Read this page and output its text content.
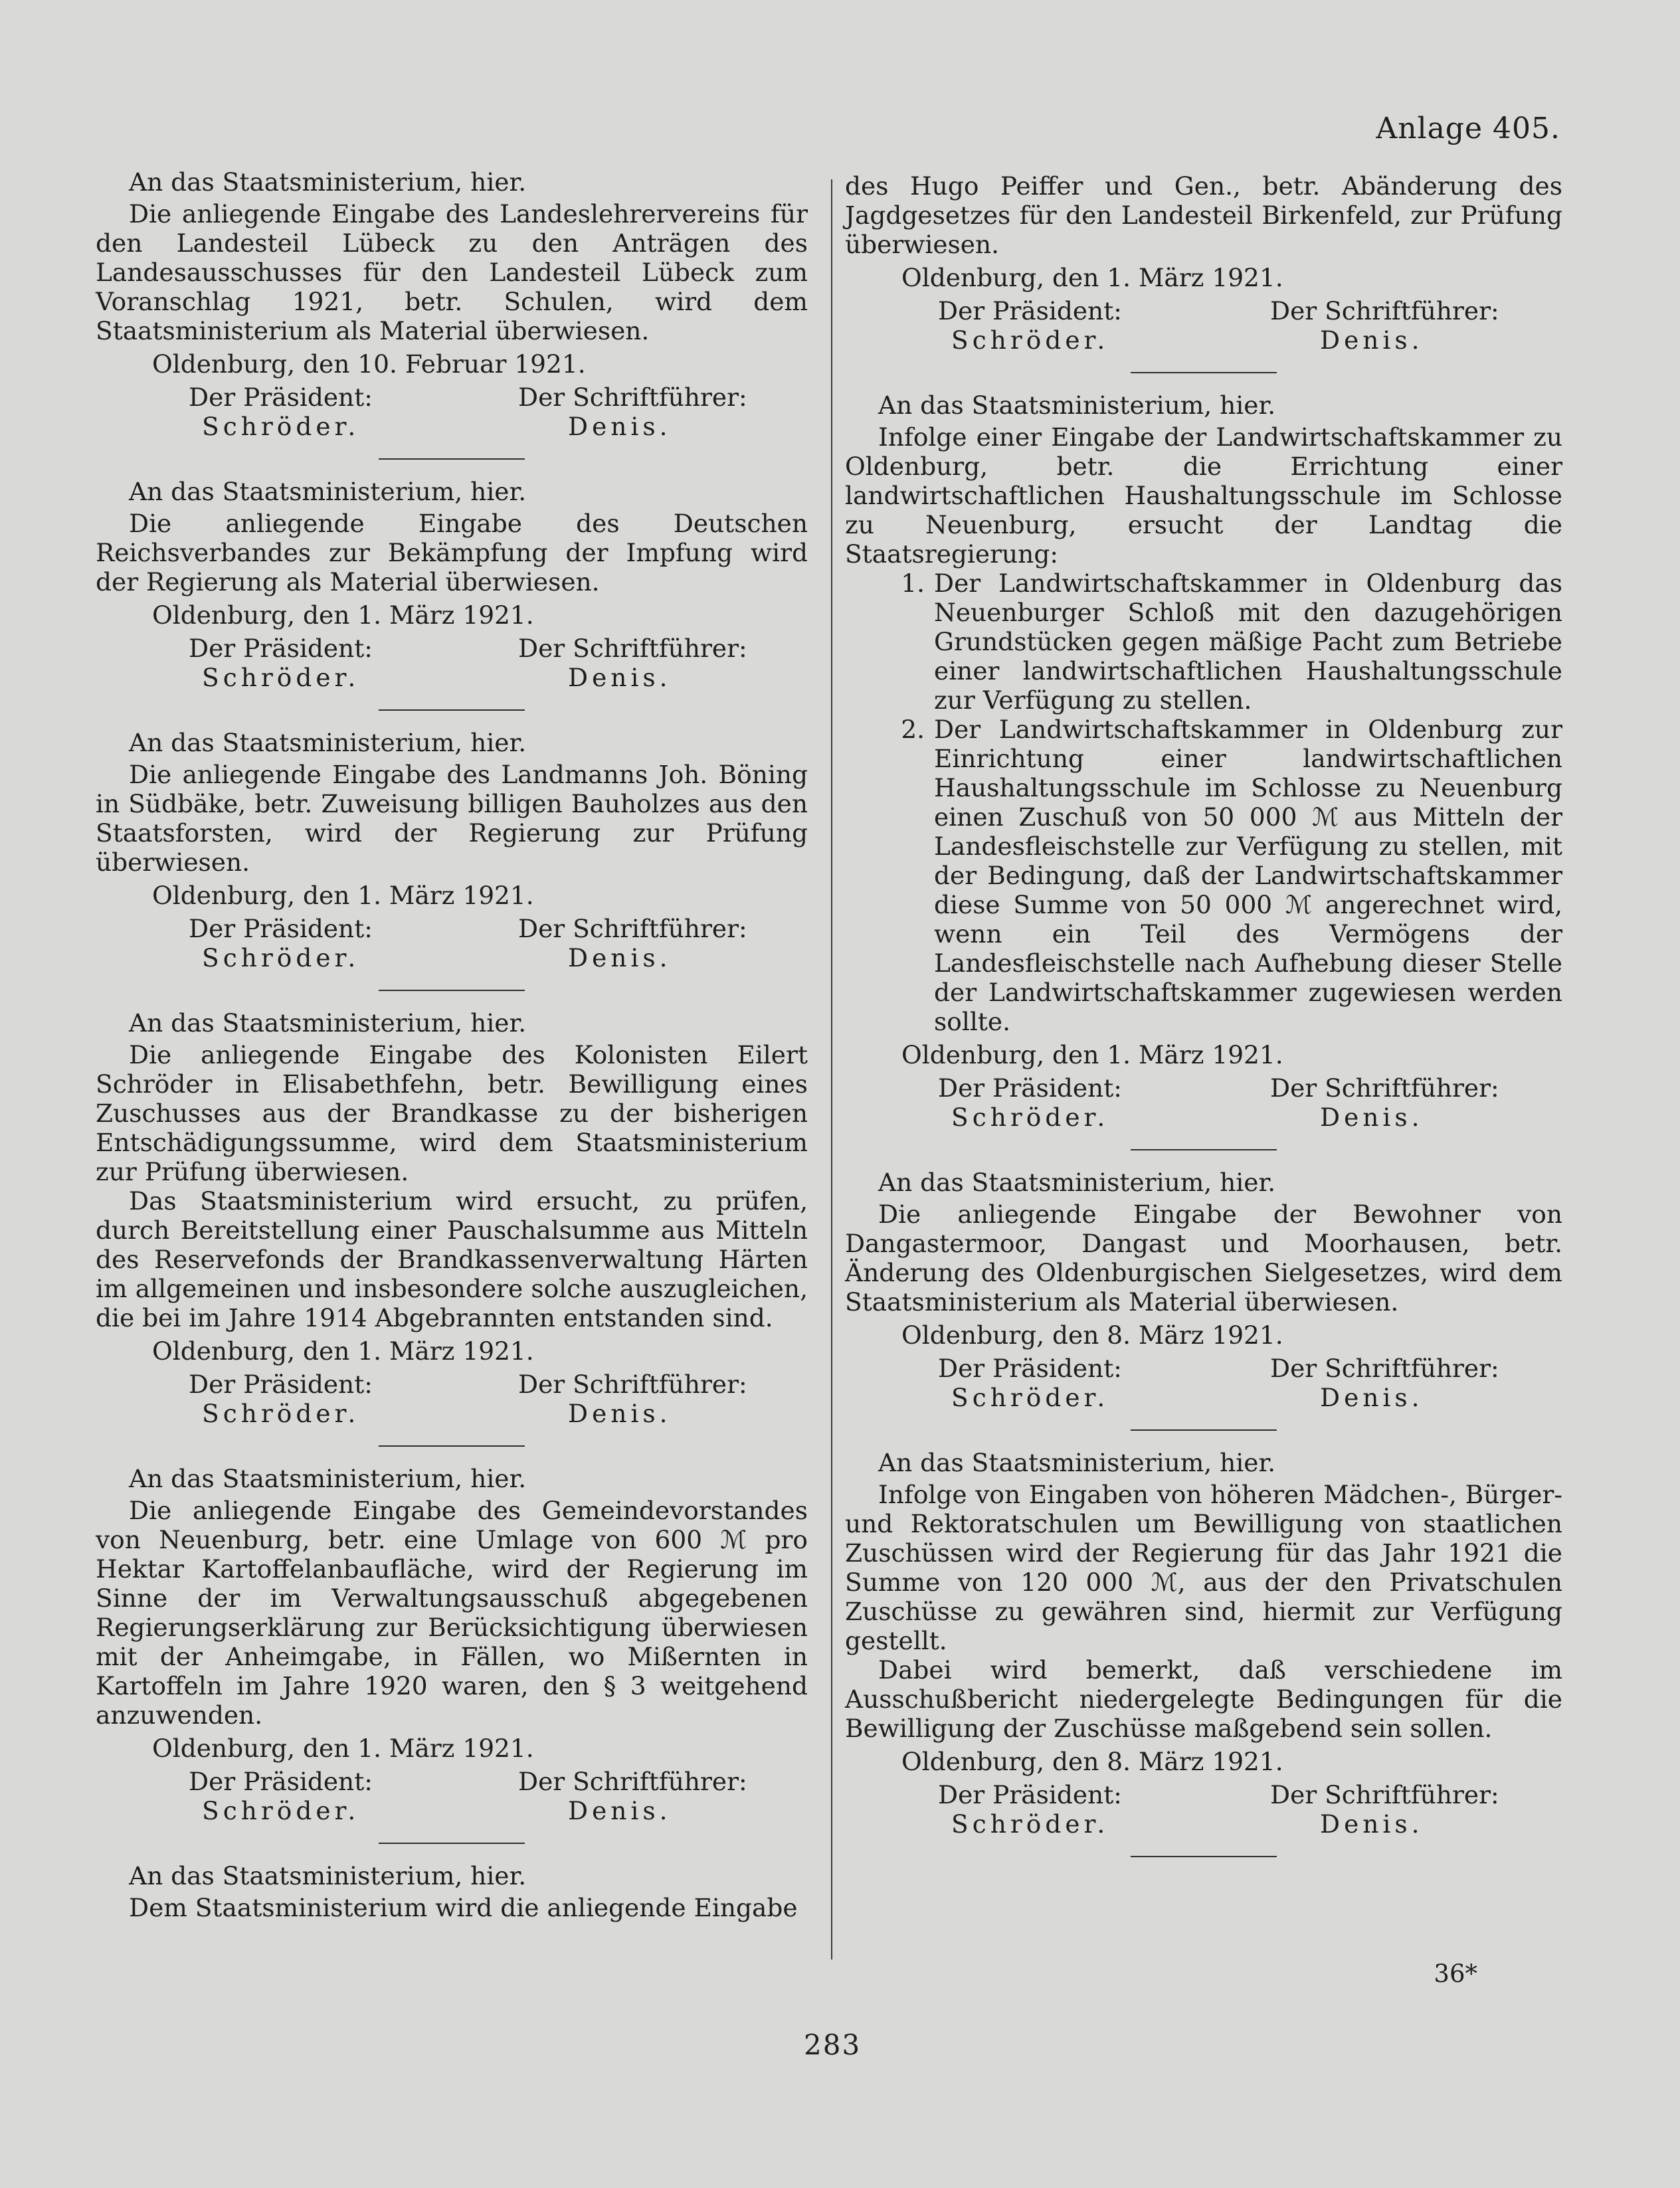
Anlage 405.
An das Staatsministerium, hier.

Die anliegende Eingabe des Landeslehrervereins für den Landesteil Lübeck zu den Anträgen des Landesausschusses für den Landesteil Lübeck zum Voranschlag 1921, betr. Schulen, wird dem Staatsministerium als Material überwiesen.

Oldenburg, den 10. Februar 1921.
Der Präsident:	Der Schriftführer:
Schröder.	Denis.
An das Staatsministerium, hier.

Die anliegende Eingabe des Deutschen Reichsverbandes zur Bekämpfung der Impfung wird der Regierung als Material überwiesen.

Oldenburg, den 1. März 1921.
Der Präsident:	Der Schriftführer:
Schröder.	Denis.
An das Staatsministerium, hier.

Die anliegende Eingabe des Landmanns Joh. Böning in Südbäke, betr. Zuweisung billigen Bauholzes aus den Staatsforsten, wird der Regierung zur Prüfung überwiesen.

Oldenburg, den 1. März 1921.
Der Präsident:	Der Schriftführer:
Schröder.	Denis.
An das Staatsministerium, hier.

Die anliegende Eingabe des Kolonisten Eilert Schröder in Elisabethfehn, betr. Bewilligung eines Zuschusses aus der Brandkasse zu der bisherigen Entschädigungssumme, wird dem Staatsministerium zur Prüfung überwiesen.

Das Staatsministerium wird ersucht, zu prüfen, durch Bereitstellung einer Pauschalsumme aus Mitteln des Reservefonds der Brandkassenverwaltung Härten im allgemeinen und insbesondere solche auszugleichen, die bei im Jahre 1914 Abgebrannten entstanden sind.

Oldenburg, den 1. März 1921.
Der Präsident:	Der Schriftführer:
Schröder.	Denis.
An das Staatsministerium, hier.

Die anliegende Eingabe des Gemeindevorstandes von Neuenburg, betr. eine Umlage von 600 ℳ pro Hektar Kartoffelanbaufläche, wird der Regierung im Sinne der im Verwaltungsausschuß abgegebenen Regierungserklärung zur Berücksichtigung überwiesen mit der Anheimgabe, in Fällen, wo Mißernten in Kartoffeln im Jahre 1920 waren, den § 3 weitgehend anzuwenden.

Oldenburg, den 1. März 1921.
Der Präsident:	Der Schriftführer:
Schröder.	Denis.
An das Staatsministerium, hier.

Dem Staatsministerium wird die anliegende Eingabe

des Hugo Peiffer und Gen., betr. Abänderung des Jagdgesetzes für den Landesteil Birkenfeld, zur Prüfung überwiesen.

Oldenburg, den 1. März 1921.
Der Präsident:	Der Schriftführer:
Schröder.	Denis.
An das Staatsministerium, hier.

Infolge einer Eingabe der Landwirtschaftskammer zu Oldenburg, betr. die Errichtung einer landwirtschaftlichen Haushaltungsschule im Schlosse zu Neuenburg, ersucht der Landtag die Staatsregierung:

1. Der Landwirtschaftskammer in Oldenburg das Neuenburger Schloß mit den dazugehörigen Grundstücken gegen mäßige Pacht zum Betriebe einer landwirtschaftlichen Haushaltungsschule zur Verfügung zu stellen.
2. Der Landwirtschaftskammer in Oldenburg zur Einrichtung einer landwirtschaftlichen Haushaltungsschule im Schlosse zu Neuenburg einen Zuschuß von 50 000 ℳ aus Mitteln der Landesfleischstelle zur Verfügung zu stellen, mit der Bedingung, daß der Landwirtschaftskammer diese Summe von 50 000 ℳ angerechnet wird, wenn ein Teil des Vermögens der Landesfleischstelle nach Aufhebung dieser Stelle der Landwirtschaftskammer zugewiesen werden sollte.
Oldenburg, den 1. März 1921.
Der Präsident:	Der Schriftführer:
Schröder.	Denis.
An das Staatsministerium, hier.

Die anliegende Eingabe der Bewohner von Dangastermoor, Dangast und Moorhausen, betr. Änderung des Oldenburgischen Sielgesetzes, wird dem Staatsministerium als Material überwiesen.

Oldenburg, den 8. März 1921.
Der Präsident:	Der Schriftführer:
Schröder.	Denis.
An das Staatsministerium, hier.

Infolge von Eingaben von höheren Mädchen-, Bürger- und Rektoratschulen um Bewilligung von staatlichen Zuschüssen wird der Regierung für das Jahr 1921 die Summe von 120 000 ℳ, aus der den Privatschulen Zuschüsse zu gewähren sind, hiermit zur Verfügung gestellt.

Dabei wird bemerkt, daß verschiedene im Ausschußbericht niedergelegte Bedingungen für die Bewilligung der Zuschüsse maßgebend sein sollen.

Oldenburg, den 8. März 1921.
Der Präsident:	Der Schriftführer:
Schröder.	Denis.
36*
283
